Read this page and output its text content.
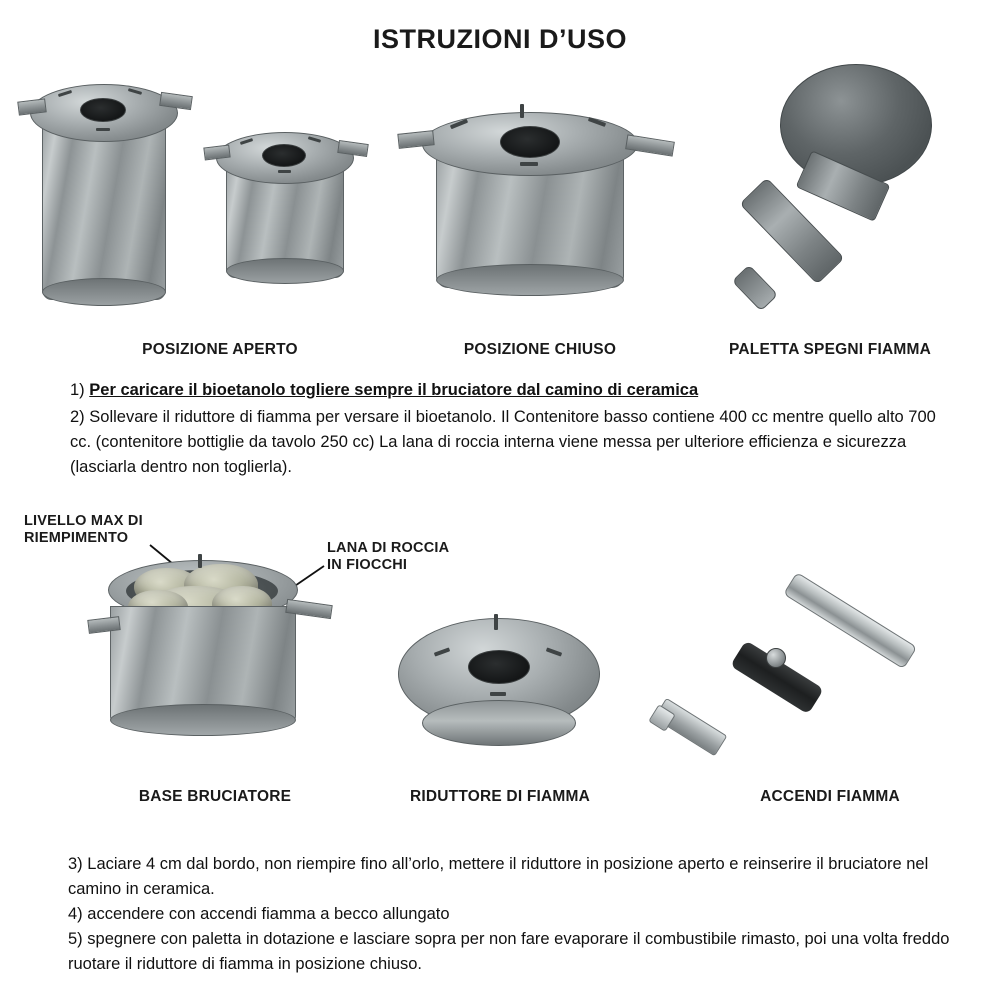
ISTRUZIONI D’USO
POSIZIONE APERTO	POSIZIONE CHIUSO	PALETTA SPEGNI FIAMMA
1) Per caricare il bioetanolo togliere sempre il bruciatore dal camino di ceramica
2) Sollevare il riduttore di fiamma per versare il bioetanolo. Il Contenitore basso contiene 400 cc mentre quello alto 700 cc. (contenitore bottiglie da tavolo 250 cc) La lana di roccia interna viene messa per ulteriore efficienza e sicurezza (lasciarla dentro non toglierla).
LIVELLO MAX DI
RIEMPIMENTO
LANA DI ROCCIA
IN FIOCCHI
BASE BRUCIATORE	RIDUTTORE DI FIAMMA	ACCENDI FIAMMA
3) Laciare 4 cm dal bordo, non riempire fino all’orlo, mettere il riduttore in posizione aperto e reinserire il bruciatore nel camino in ceramica.
4) accendere con accendi fiamma a becco allungato
5) spegnere con paletta in dotazione e lasciare sopra per non fare evaporare il combustibile rimasto, poi una volta freddo ruotare il riduttore di fiamma in posizione chiuso.
